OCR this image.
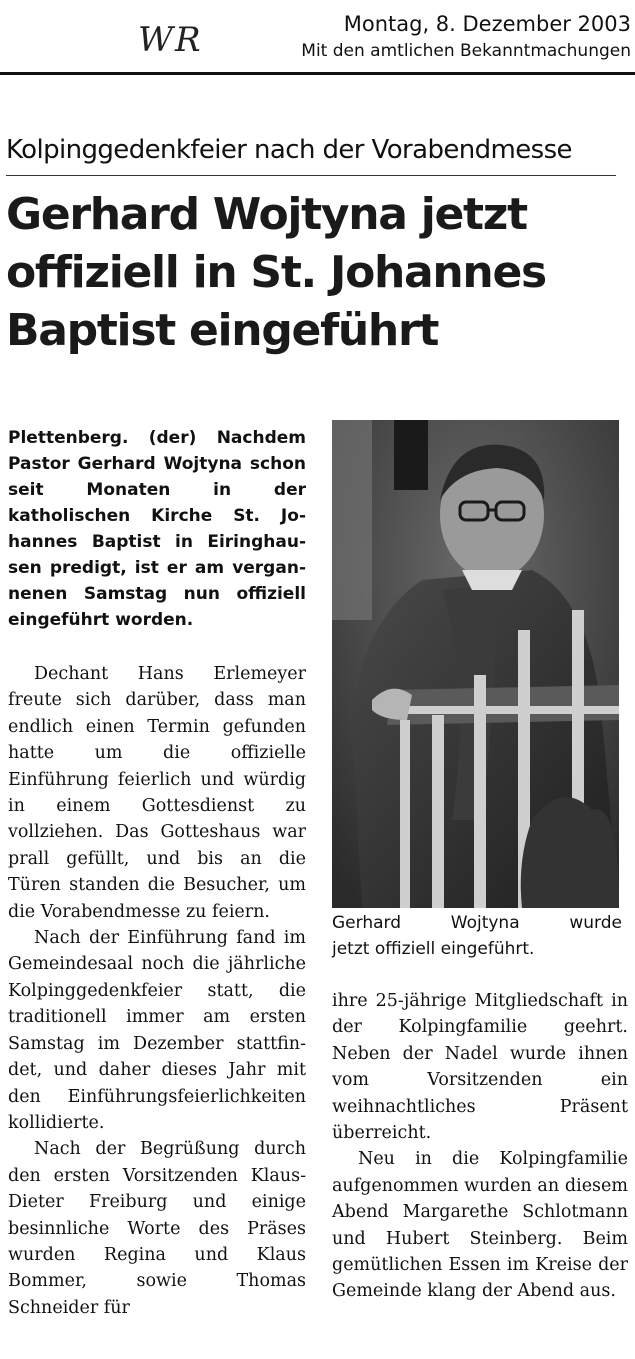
WR	Montag, 8. Dezember 2003
Mit den amtlichen Bekanntmachungen
Kolpinggedenkfeier nach der Vorabendmesse
Gerhard Wojtyna jetzt
offiziell in St. Johannes
Baptist eingeführt

Plettenberg. (der) Nachdem Pastor Gerhard Wojtyna schon seit Monaten in der katholischen Kirche St. Johannes Baptist in Eiringhausen predigt, ist er am vergannenen Samstag nun offiziell eingeführt worden.

Dechant Hans Erlemeyer freute sich darüber, dass man endlich einen Termin gefunden hatte um die offizielle Einführung feierlich und würdig in einem Gottesdienst zu vollziehen. Das Gotteshaus war prall gefüllt, und bis an die Türen standen die Besucher, um die Vorabendmesse zu feiern.

Nach der Einführung fand im Gemeindesaal noch die jährliche Kolpinggedenkfeier statt, die traditionell immer am ersten Samstag im Dezember stattfindet, und daher dieses Jahr mit den Einführungsfeierlichkeiten kollidierte.

Nach der Begrüßung durch den ersten Vorsitzenden Klaus-Dieter Freiburg und einige besinnliche Worte des Präses wurden Regina und Klaus Bommer, sowie Thomas Schneider für

Gerhard Wojtyna wurde
jetzt offiziell eingeführt.

ihre 25-jährige Mitgliedschaft in der Kolpingfamilie geehrt. Neben der Nadel wurde ihnen vom Vorsitzenden ein weihnachtliches Präsent überreicht.

Neu in die Kolpingfamilie aufgenommen wurden an diesem Abend Margarethe Schlotmann und Hubert Steinberg. Beim gemütlichen Essen im Kreise der Gemeinde klang der Abend aus.
